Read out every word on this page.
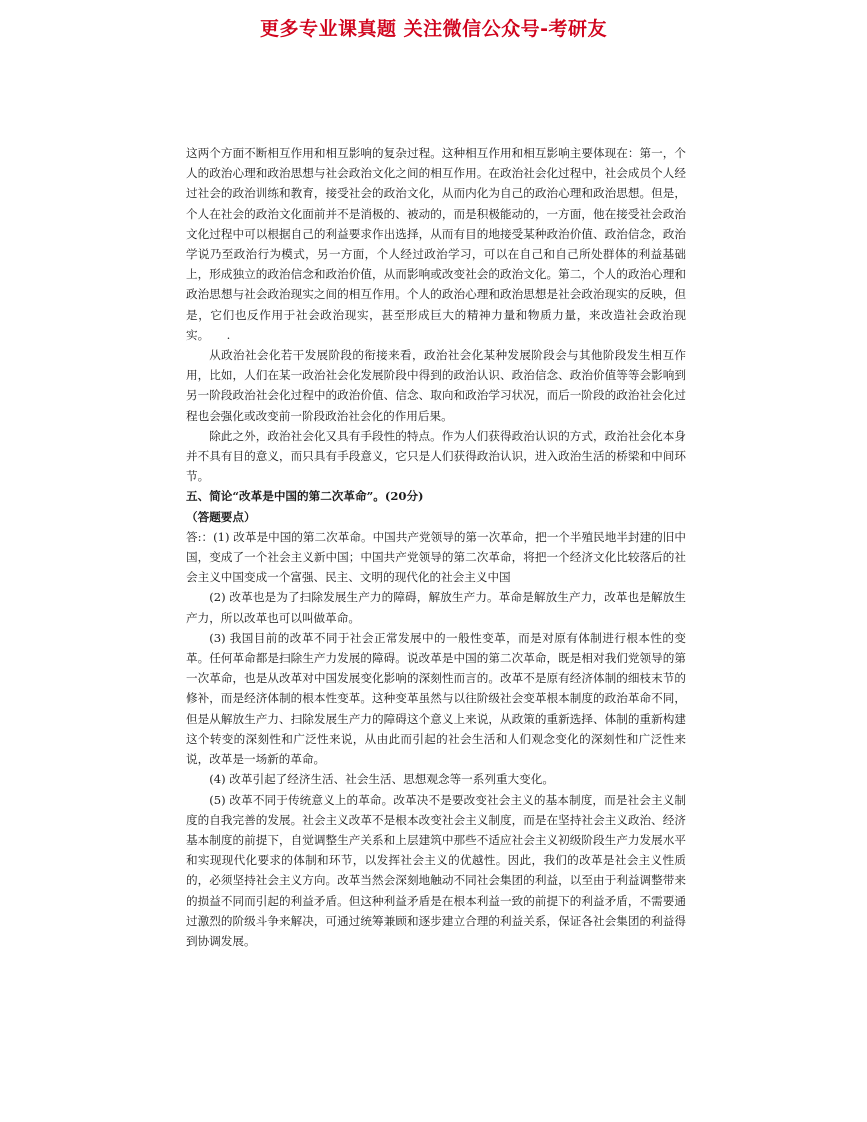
更多专业课真题 关注微信公众号-考研友

这两个方面不断相互作用和相互影响的复杂过程。这种相互作用和相互影响主要体现在：第一，个人的政治心理和政治思想与社会政治文化之间的相互作用。在政治社会化过程中，社会成员个人经过社会的政治训练和教育，接受社会的政治文化，从而内化为自己的政治心理和政治思想。但是，个人在社会的政治文化面前并不是消极的、被动的，而是积极能动的，一方面，他在接受社会政治文化过程中可以根据自己的利益要求作出选择，从而有目的地接受某种政治价值、政治信念，政治学说乃至政治行为模式，另一方面，个人经过政治学习，可以在自己和自己所处群体的利益基础上，形成独立的政治信念和政治价值，从而影响或改变社会的政治文化。第二，个人的政治心理和政治思想与社会政治现实之间的相互作用。个人的政治心理和政治思想是社会政治现实的反映，但是，它们也反作用于社会政治现实，甚至形成巨大的精神力量和物质力量，来改造社会政治现实。　　.

从政治社会化若干发展阶段的衔接来看，政治社会化某种发展阶段会与其他阶段发生相互作用，比如，人们在某一政治社会化发展阶段中得到的政治认识、政治信念、政治价值等等会影响到另一阶段政治社会化过程中的政治价值、信念、取向和政治学习状况，而后一阶段的政治社会化过程也会强化或改变前一阶段政治社会化的作用后果。

除此之外，政治社会化又具有手段性的特点。作为人们获得政治认识的方式，政治社会化本身并不具有目的意义，而只具有手段意义，它只是人们获得政治认识，进入政治生活的桥梁和中间环节。

五、简论“改革是中国的第二次革命”。(20分)

（答题要点）

答:：(1) 改革是中国的第二次革命。中国共产党领导的第一次革命，把一个半殖民地半封建的旧中国，变成了一个社会主义新中国；中国共产党领导的第二次革命，将把一个经济文化比较落后的社会主义中国变成一个富强、民主、文明的现代化的社会主义中国

(2) 改革也是为了扫除发展生产力的障碍，解放生产力。革命是解放生产力，改革也是解放生产力，所以改革也可以叫做革命。

(3) 我国目前的改革不同于社会正常发展中的一般性变革，而是对原有体制进行根本性的变革。任何革命都是扫除生产力发展的障碍。说改革是中国的第二次革命，既是相对我们党领导的第一次革命，也是从改革对中国发展变化影响的深刻性而言的。改革不是原有经济体制的细枝末节的修补，而是经济体制的根本性变革。这种变革虽然与以往阶级社会变革根本制度的政治革命不同，但是从解放生产力、扫除发展生产力的障碍这个意义上来说，从政策的重新选择、体制的重新构建这个转变的深刻性和广泛性来说，从由此而引起的社会生活和人们观念变化的深刻性和广泛性来说，改革是一场新的革命。

(4) 改革引起了经济生活、社会生活、思想观念等一系列重大变化。

(5) 改革不同于传统意义上的革命。改革决不是要改变社会主义的基本制度，而是社会主义制度的自我完善的发展。社会主义改革不是根本改变社会主义制度，而是在坚持社会主义政治、经济基本制度的前提下，自觉调整生产关系和上层建筑中那些不适应社会主义初级阶段生产力发展水平和实现现代化要求的体制和环节，以发挥社会主义的优越性。因此，我们的改革是社会主义性质的，必须坚持社会主义方向。改革当然会深刻地触动不同社会集团的利益，以至由于利益调整带来的损益不同而引起的利益矛盾。但这种利益矛盾是在根本利益一致的前提下的利益矛盾，不需要通过激烈的阶级斗争来解决，可通过统筹兼顾和逐步建立合理的利益关系，保证各社会集团的利益得到协调发展。
